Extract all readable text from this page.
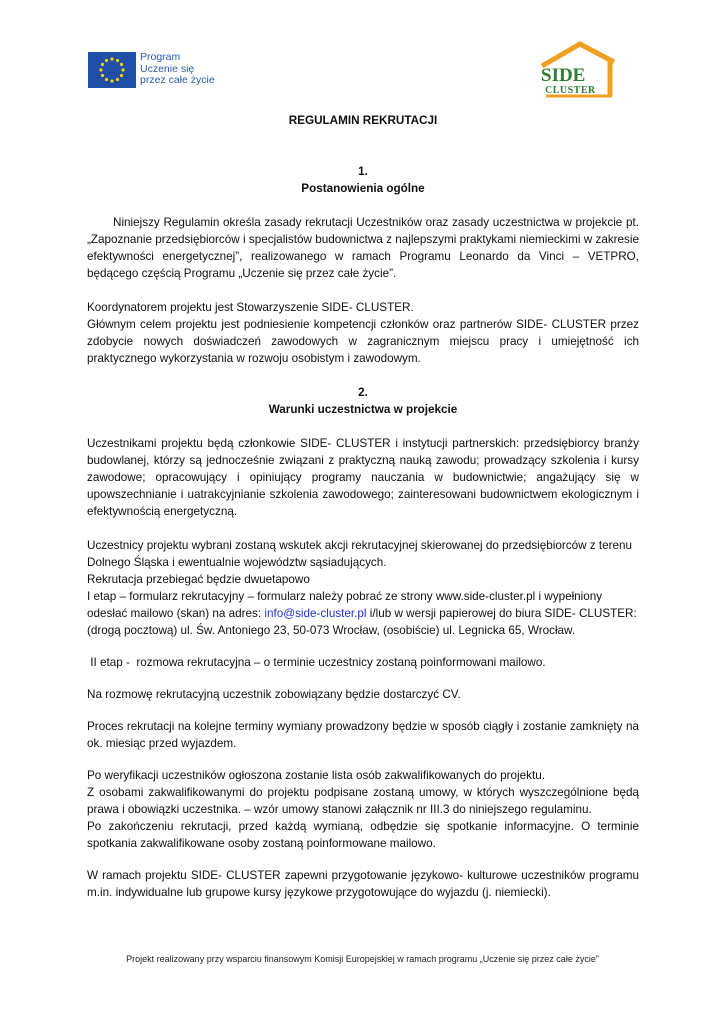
Program
Uczenie się
przez całe życie	SIDE
CLUSTER

REGULAMIN REKRUTACJI

1.

Postanowienia ogólne

Niniejszy Regulamin określa zasady rekrutacji Uczestników oraz zasady uczestnictwa w projekcie pt. „Zapoznanie przedsiębiorców i specjalistów budownictwa z najlepszymi praktykami niemieckimi w zakresie efektywności energetycznej”, realizowanego w ramach Programu Leonardo da Vinci – VETPRO, będącego częścią Programu „Uczenie się przez całe życie”.

Koordynatorem projektu jest Stowarzyszenie SIDE- CLUSTER.

Głównym celem projektu jest podniesienie kompetencji członków oraz partnerów SIDE- CLUSTER przez zdobycie nowych doświadczeń zawodowych w zagranicznym miejscu pracy i umiejętność ich praktycznego wykorzystania w rozwoju osobistym i zawodowym.

2.

Warunki uczestnictwa w projekcie

Uczestnikami projektu będą członkowie SIDE- CLUSTER i instytucji partnerskich: przedsiębiorcy branży budowlanej, którzy są jednocześnie związani z praktyczną nauką zawodu; prowadzący szkolenia i kursy zawodowe; opracowujący i opiniujący programy nauczania w budownictwie; angażujący się w upowszechnianie i uatrakcyjnianie szkolenia zawodowego; zainteresowani budownictwem ekologicznym i efektywnością energetyczną.

Uczestnicy projektu wybrani zostaną wskutek akcji rekrutacyjnej skierowanej do przedsiębiorców z terenu Dolnego Śląska i ewentualnie województw sąsiadujących.

Rekrutacja przebiegać będzie dwuetapowo

I etap – formularz rekrutacyjny – formularz należy pobrać ze strony www.side-cluster.pl i wypełniony odesłać mailowo (skan) na adres: info@side-cluster.pl i/lub w wersji papierowej do biura SIDE- CLUSTER: (drogą pocztową) ul. Św. Antoniego 23, 50-073 Wrocław, (osobiście) ul. Legnicka 65, Wrocław.

II etap -  rozmowa rekrutacyjna – o terminie uczestnicy zostaną poinformowani mailowo.

Na rozmowę rekrutacyjną uczestnik zobowiązany będzie dostarczyć CV.

Proces rekrutacji na kolejne terminy wymiany prowadzony będzie w sposób ciągły i zostanie zamknięty na ok. miesiąc przed wyjazdem.

Po weryfikacji uczestników ogłoszona zostanie lista osób zakwalifikowanych do projektu.

Z osobami zakwalifikowanymi do projektu podpisane zostaną umowy, w których wyszczególnione będą prawa i obowiązki uczestnika. – wzór umowy stanowi załącznik nr III.3 do niniejszego regulaminu.

Po zakończeniu rekrutacji, przed każdą wymianą, odbędzie się spotkanie informacyjne. O terminie spotkania zakwalifikowane osoby zostaną poinformowane mailowo.

W ramach projektu SIDE- CLUSTER zapewni przygotowanie językowo- kulturowe uczestników programu m.in. indywidualne lub grupowe kursy językowe przygotowujące do wyjazdu (j. niemiecki).

Projekt realizowany przy wsparciu finansowym Komisji Europejskiej w ramach programu „Uczenie się przez całe życie”
